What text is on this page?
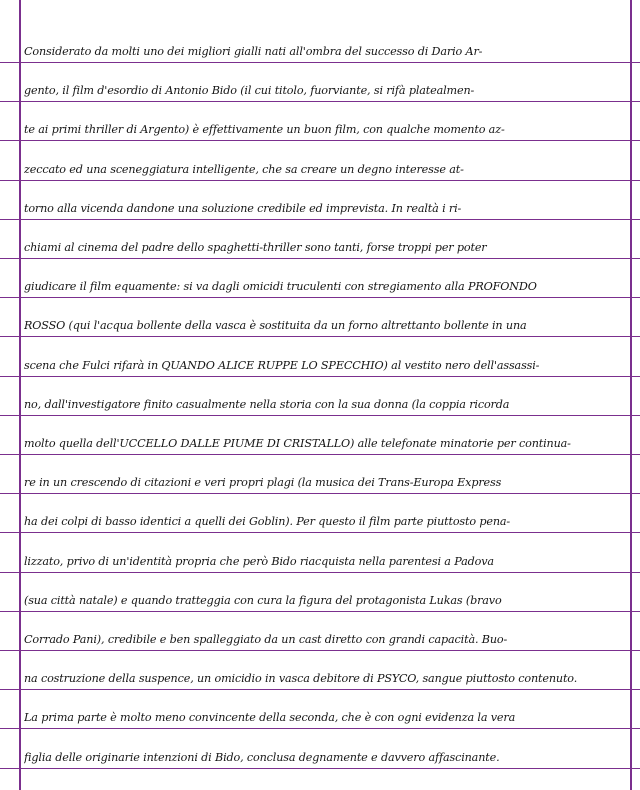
Considerato da molti uno dei migliori gialli nati all'ombra del successo di Dario Ar-
gento, il film d'esordio di Antonio Bido (il cui titolo, fuorviante, si rifà platealmen-
te ai primi thriller di Argento) è effettivamente un buon film, con qualche momento az-
zeccato ed una sceneggiatura intelligente, che sa creare un degno interesse at-
torno alla vicenda dandone una soluzione credibile ed imprevista. In realtà i ri-
chiami al cinema del padre dello spaghetti-thriller sono tanti, forse troppi per poter
giudicare il film equamente: si va dagli omicidi truculenti con stregiamento alla PROFONDO
ROSSO (qui l'acqua bollente della vasca è sostituita da un forno altrettanto bollente in una
scena che Fulci rifarà in QUANDO ALICE RUPPE LO SPECCHIO) al vestito nero dell'assassi-
no, dall'investigatore finito casualmente nella storia con la sua donna (la coppia ricorda
molto quella dell'UCCELLO DALLE PIUME DI CRISTALLO) alle telefonate minatorie per continua-
re in un crescendo di citazioni e veri propri plagi (la musica dei Trans-Europa Express
ha dei colpi di basso identici a quelli dei Goblin). Per questo il film parte piuttosto pena-
lizzato, privo di un'identità propria che però Bido riacquista nella parentesi a Padova
(sua città natale) e quando tratteggia con cura la figura del protagonista Lukas (bravo
Corrado Pani), credibile e ben spalleggiato da un cast diretto con grandi capacità. Buo-
na costruzione della suspence, un omicidio in vasca debitore di PSYCO, sangue piuttosto contenuto.
La prima parte è molto meno convincente della seconda, che è con ogni evidenza la vera
figlia delle originarie intenzioni di Bido, conclusa degnamente e davvero affascinante.
